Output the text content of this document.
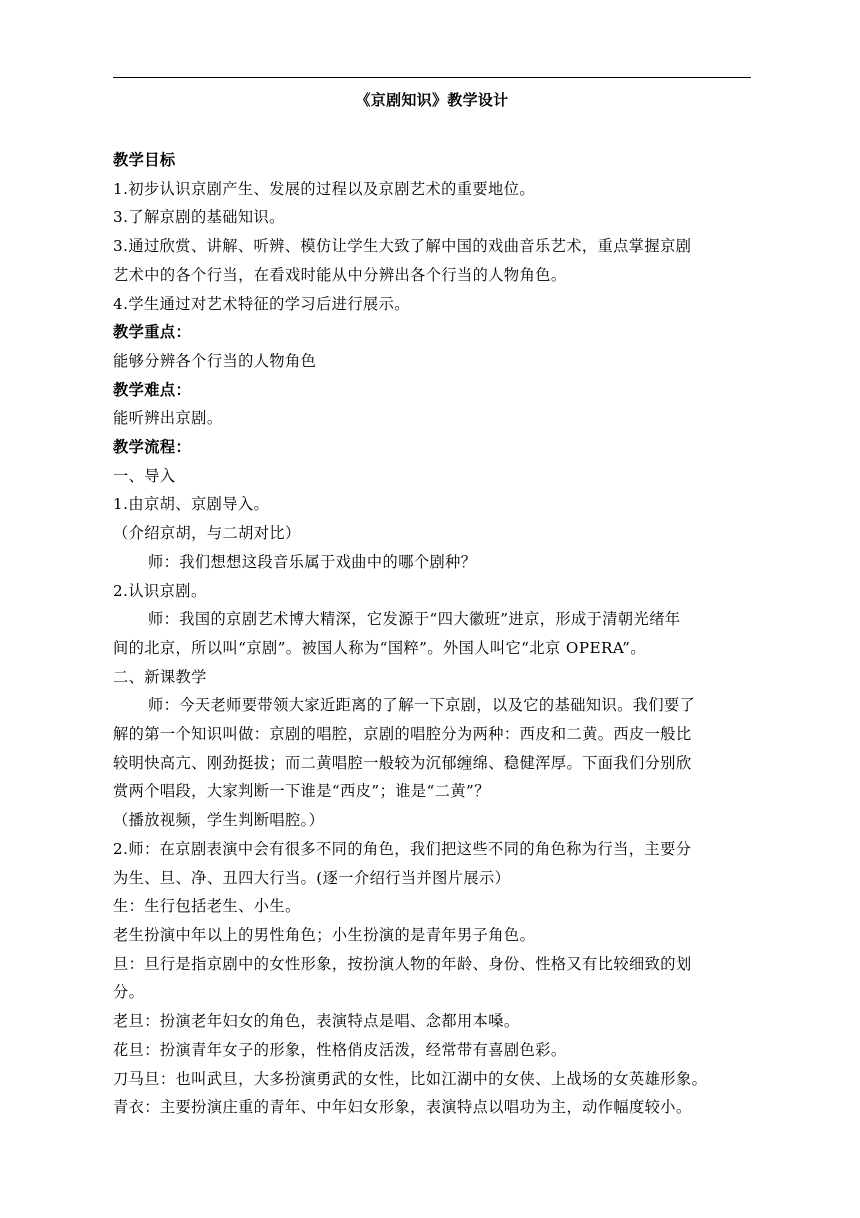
《京剧知识》教学设计
教学目标
1.初步认识京剧产生、发展的过程以及京剧艺术的重要地位。
3.了解京剧的基础知识。
3.通过欣赏、讲解、听辨、模仿让学生大致了解中国的戏曲音乐艺术，重点掌握京剧
艺术中的各个行当，在看戏时能从中分辨出各个行当的人物角色。
4.学生通过对艺术特征的学习后进行展示。
教学重点：
能够分辨各个行当的人物角色
教学难点：
能听辨出京剧。
教学流程：
一、导入
1.由京胡、京剧导入。
（介绍京胡，与二胡对比）
师：我们想想这段音乐属于戏曲中的哪个剧种？
2.认识京剧。
师：我国的京剧艺术博大精深，它发源于“四大徽班”进京，形成于清朝光绪年
间的北京，所以叫“京剧”。被国人称为“国粹”。外国人叫它“北京 OPERA”。
二、新课教学
师：今天老师要带领大家近距离的了解一下京剧，以及它的基础知识。我们要了
解的第一个知识叫做：京剧的唱腔，京剧的唱腔分为两种：西皮和二黄。西皮一般比
较明快高亢、刚劲挺拔；而二黄唱腔一般较为沉郁缠绵、稳健浑厚。下面我们分别欣
赏两个唱段，大家判断一下谁是“西皮”；谁是“二黄”？
（播放视频，学生判断唱腔。）
2.师：在京剧表演中会有很多不同的角色，我们把这些不同的角色称为行当，主要分
为生、旦、净、丑四大行当。(逐一介绍行当并图片展示）
生：生行包括老生、小生。
老生扮演中年以上的男性角色；小生扮演的是青年男子角色。
旦：旦行是指京剧中的女性形象，按扮演人物的年龄、身份、性格又有比较细致的划
分。
老旦：扮演老年妇女的角色，表演特点是唱、念都用本嗓。
花旦：扮演青年女子的形象，性格俏皮活泼，经常带有喜剧色彩。
刀马旦：也叫武旦，大多扮演勇武的女性，比如江湖中的女侠、上战场的女英雄形象。
青衣：主要扮演庄重的青年、中年妇女形象，表演特点以唱功为主，动作幅度较小。
